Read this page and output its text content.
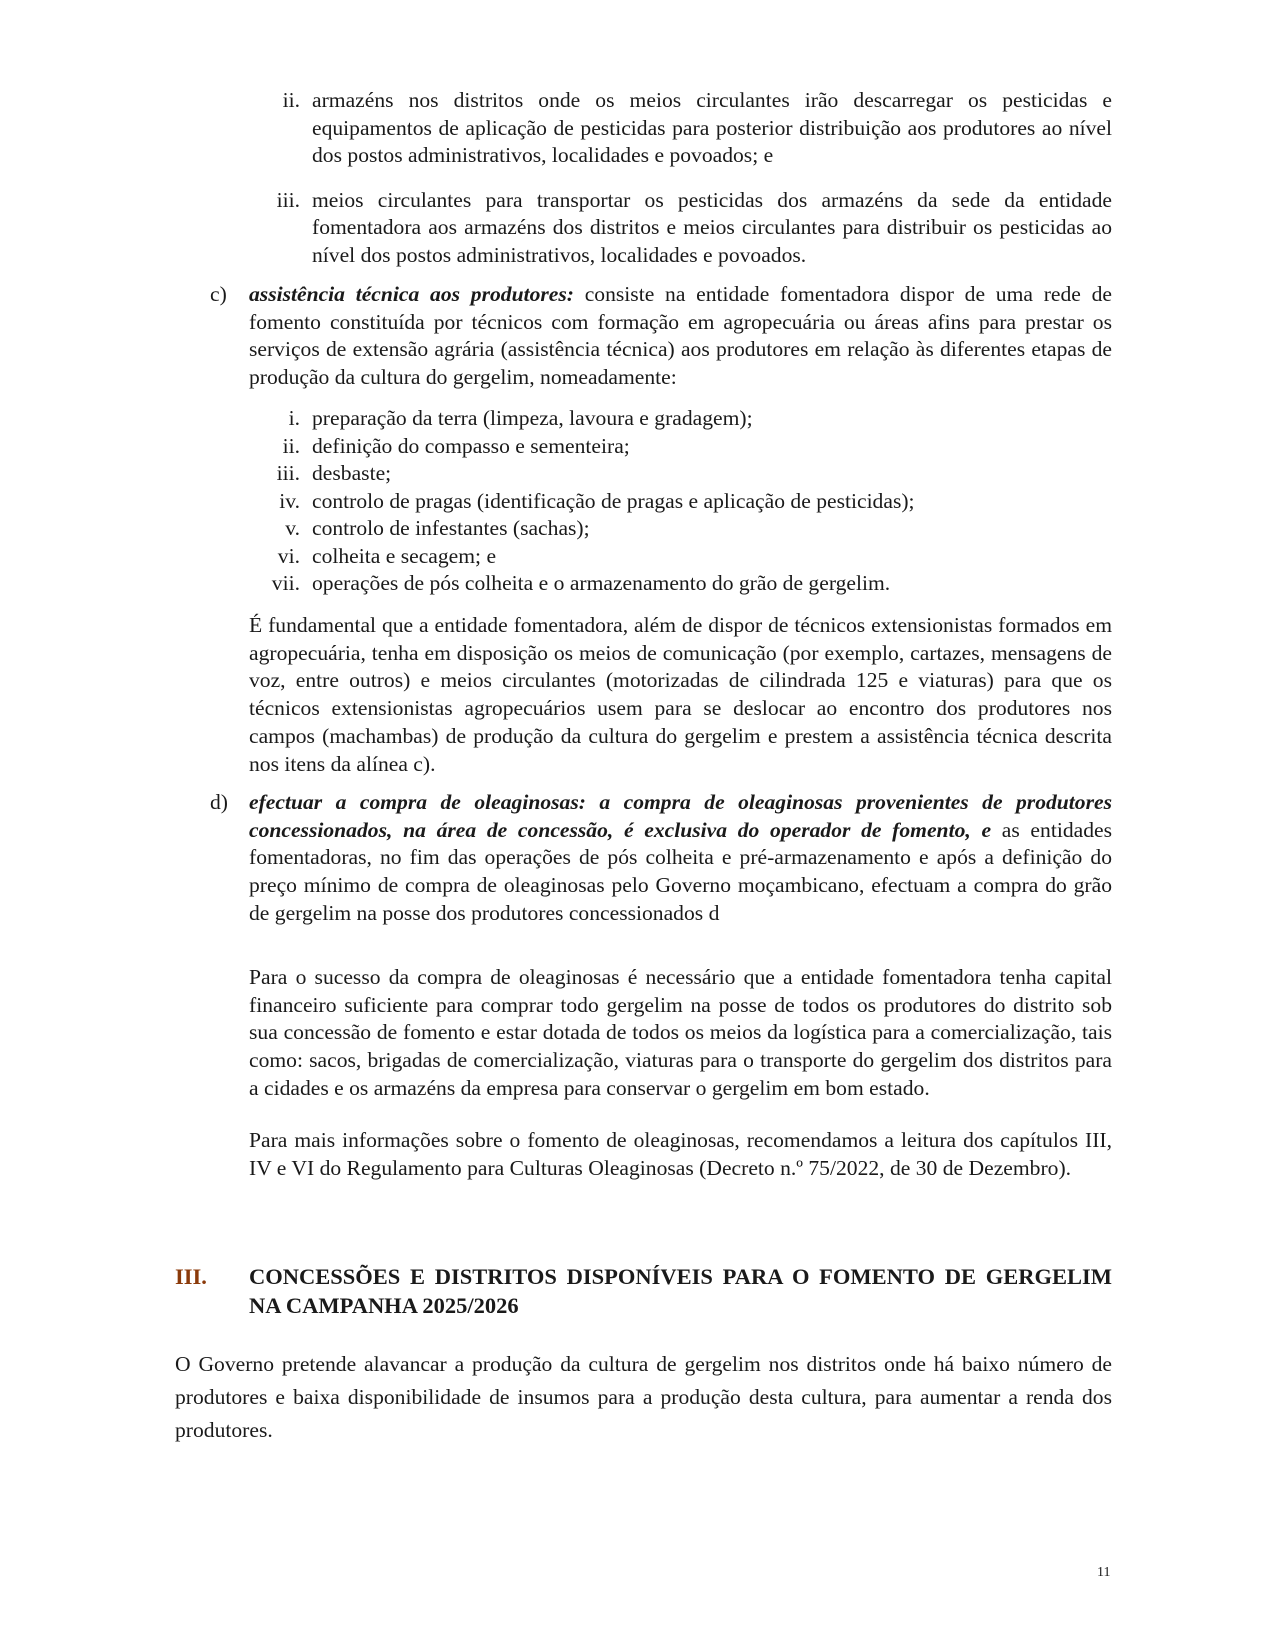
ii. armazéns nos distritos onde os meios circulantes irão descarregar os pesticidas e equipamentos de aplicação de pesticidas para posterior distribuição aos produtores ao nível dos postos administrativos, localidades e povoados; e
iii. meios circulantes para transportar os pesticidas dos armazéns da sede da entidade fomentadora aos armazéns dos distritos e meios circulantes para distribuir os pesticidas ao nível dos postos administrativos, localidades e povoados.
c) assistência técnica aos produtores: consiste na entidade fomentadora dispor de uma rede de fomento constituída por técnicos com formação em agropecuária ou áreas afins para prestar os serviços de extensão agrária (assistência técnica) aos produtores em relação às diferentes etapas de produção da cultura do gergelim, nomeadamente:
i. preparação da terra (limpeza, lavoura e gradagem);
ii. definição do compasso e sementeira;
iii. desbaste;
iv. controlo de pragas (identificação de pragas e aplicação de pesticidas);
v. controlo de infestantes (sachas);
vi. colheita e secagem; e
vii. operações de pós colheita e o armazenamento do grão de gergelim.
É fundamental que a entidade fomentadora, além de dispor de técnicos extensionistas formados em agropecuária, tenha em disposição os meios de comunicação (por exemplo, cartazes, mensagens de voz, entre outros) e meios circulantes (motorizadas de cilindrada 125 e viaturas) para que os técnicos extensionistas agropecuários usem para se deslocar ao encontro dos produtores nos campos (machambas) de produção da cultura do gergelim e prestem a assistência técnica descrita nos itens da alínea c).
d) efectuar a compra de oleaginosas: a compra de oleaginosas provenientes de produtores concessionados, na área de concessão, é exclusiva do operador de fomento, e as entidades fomentadoras, no fim das operações de pós colheita e pré-armazenamento e após a definição do preço mínimo de compra de oleaginosas pelo Governo moçambicano, efectuam a compra do grão de gergelim na posse dos produtores concessionados d
Para o sucesso da compra de oleaginosas é necessário que a entidade fomentadora tenha capital financeiro suficiente para comprar todo gergelim na posse de todos os produtores do distrito sob sua concessão de fomento e estar dotada de todos os meios da logística para a comercialização, tais como: sacos, brigadas de comercialização, viaturas para o transporte do gergelim dos distritos para a cidades e os armazéns da empresa para conservar o gergelim em bom estado.
Para mais informações sobre o fomento de oleaginosas, recomendamos a leitura dos capítulos III, IV e VI do Regulamento para Culturas Oleaginosas (Decreto n.º 75/2022, de 30 de Dezembro).
III. CONCESSÕES E DISTRITOS DISPONÍVEIS PARA O FOMENTO DE GERGELIM NA CAMPANHA 2025/2026
O Governo pretende alavancar a produção da cultura de gergelim nos distritos onde há baixo número de produtores e baixa disponibilidade de insumos para a produção desta cultura, para aumentar a renda dos produtores.
11
